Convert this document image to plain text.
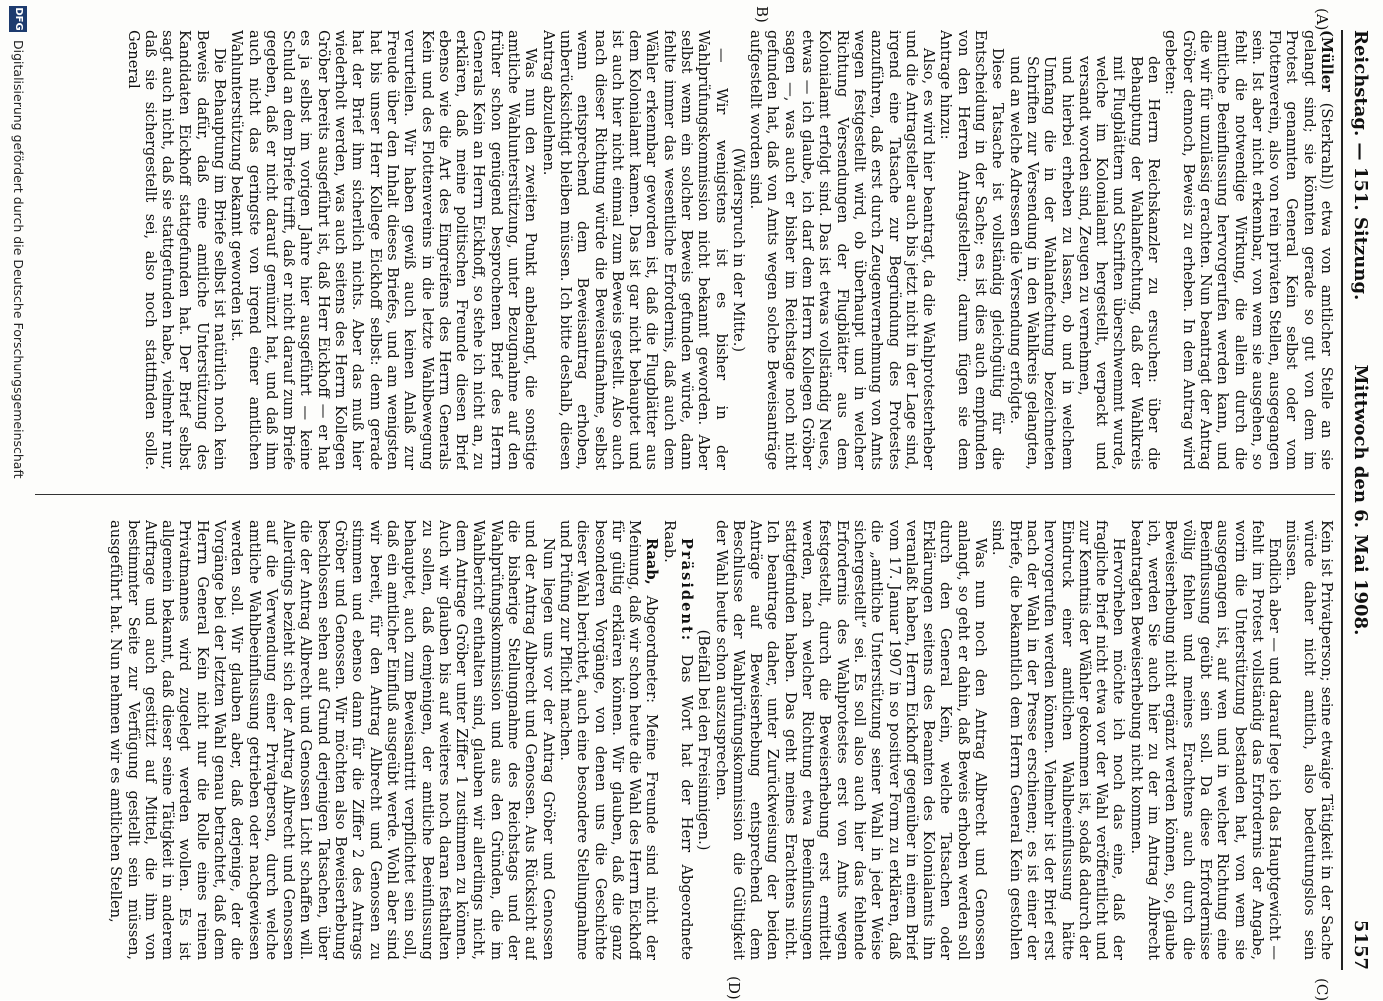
Reichstag. — 151. Sitzung.
Mittwoch den 6. Mai 1908.
5157
(A)
B)
(C)
(D)

(Müller (Sterkrahl)) etwa von amtlicher Stelle an sie gelangt sind; sie könnten gerade so gut von dem im Protest genannten General Kein selbst oder vom Flottenverein, also von rein privaten Stellen, ausgegangen sein. Ist aber nicht erkennbar, von wem sie ausgehen, so fehlt die notwendige Wirkung, die allein durch die amtliche Beeinflussung hervorgerufen werden kann, und die wir für unzulässig erachten. Nun beantragt der Antrag Gröber dennoch, Beweis zu erheben. In dem Antrag wird gebeten:

den Herrn Reichskanzler zu ersuchen: über die Behauptung der Wahlanfechtung, daß der Wahlkreis mit Flugblättern und Schriften überschwemmt wurde, welche im Kolonialamt hergestellt, verpackt und versandt worden sind, Zeugen zu vernehmen,

und hierbei erheben zu lassen, ob und in welchem Umfang die in der Wahlanfechtung bezeichneten Schriften zur Versendung in den Wahlkreis gelangten, und an welche Adressen die Versendung erfolgte.

Diese Tatsache ist vollständig gleichgültig für die Entscheidung in der Sache; es ist dies auch empfunden von den Herren Antragstellern; darum fügen sie dem Antrage hinzu:

Also, es wird hier beantragt, da die Wahlprotesterheber und die Antragsteller auch bis jetzt nicht in der Lage sind, irgend eine Tatsache zur Begründung des Protestes anzuführen, daß erst durch Zeugenvernehmung von Amts wegen festgestellt wird, ob überhaupt und in welcher Richtung Versendungen der Flugblätter aus dem Kolonialamt erfolgt sind. Das ist etwas vollständig Neues, etwas — ich glaube, ich darf dem Herrn Kollegen Gröber sagen —, was auch er bisher im Reichstage noch nicht gefunden hat, daß von Amts wegen solche Beweisanträge aufgestellt worden sind.

(Widerspruch in der Mitte.)

— Wir wenigstens ist es bisher in der Wahlprüfungskommission nicht bekannt geworden. Aber selbst wenn ein solcher Beweis gefunden würde, dann fehlte immer das wesentliche Erfordernis, daß auch dem Wähler erkennbar geworden ist, daß die Flugblätter aus dem Kolonialamt kamen. Das ist gar nicht behauptet und ist auch hier nicht einmal zum Beweis gestellt. Also auch nach dieser Richtung würde die Beweisaufnahme, selbst wenn entsprechend dem Beweisantrag erhoben, unberücksichtigt bleiben müssen. Ich bitte deshalb, diesen Antrag abzulehnen.

Was nun den zweiten Punkt anbelangt, die sonstige amtliche Wahlunterstützung, unter Bezugnahme auf den früher schon genügend besprochenen Brief des Herrn Generals Kein an Herrn Eickhoff, so stehe ich nicht an, zu erklären, daß meine politischen Freunde diesen Brief ebenso wie die Art des Eingreifens des Herrn Generals Kein und des Flottenvereins in die letzte Wahlbewegung verurteilen. Wir haben gewiß auch keinen Anlaß zur Freude über den Inhalt dieses Briefes, und am wenigsten hat bis unser Herr Kollege Eickhoff selbst: denn gerade hat der Brief ihm sicherlich nichts. Aber das muß hier wiederholt werden, was auch seitens des Herrn Kollegen Gröber bereits ausgeführt ist, daß Herr Eickhoff — er hat es ja selbst im vorigen Jahre hier ausgeführt — keine Schuld an dem Briefe trifft, daß er nicht darauf zum Briefe gegeben, daß er nicht darauf gemünzt hat, und daß ihm auch nicht das geringste von irgend einer amtlichen Wahlunterstützung bekannt geworden ist.

Die Behauptung im Briefe selbst ist natürlich noch kein Beweis dafür, daß eine amtliche Unterstützung des Kandidaten Eickhoff stattgefunden hat. Der Brief selbst sagt auch nicht, daß sie stattgefunden habe, vielmehr nur, daß sie sichergestellt sei, also noch stattfinden solle. General

Kein ist Privatperson; seine etwaige Tätigkeit in der Sache würde daher nicht amtlich, also bedeutungslos sein müssen.

Endlich aber — und darauf lege ich das Hauptgewicht — fehlt im Protest vollständig das Erfordernis der Angabe, worin die Unterstützung bestanden hat, von wem sie ausgegangen ist, auf wen und in welcher Richtung eine Beeinflussung geübt sein soll. Da diese Erfordernisse völlig fehlen und meines Erachtens auch durch die Beweiserhebung nicht ergänzt werden können, so, glaube ich, werden Sie auch hier zu der im Antrag Albrecht beantragten Beweiserhebung nicht kommen.

Hervorheben möchte ich noch das eine, daß der fragliche Brief nicht etwa vor der Wahl veröffentlicht und zur Kenntnis der Wähler gekommen ist, sodaß dadurch der Eindruck einer amtlichen Wahlbeeinflussung hätte hervorgerufen werden können. Vielmehr ist der Brief erst nach der Wahl in der Presse erschienen; es ist einer der Briefe, die bekanntlich dem Herrn General Kein gestohlen sind.

Was nun noch den Antrag Albrecht und Genossen anlangt, so geht er dahin, daß Beweis erhoben werden soll durch den General Kein, welche Tatsachen oder Erklärungen seitens des Beamten des Kolonialamts ihn veranlaßt haben, Herrn Eickhoff gegenüber in einem Brief vom 17. Januar 1907 in so positiver Form zu erklären, daß die „amtliche Unterstützung seiner Wahl in jeder Weise sichergestellt“ sei. Es soll also auch hier das fehlende Erfordernis des Wahlprotestes erst von Amts wegen festgestellt, durch die Beweiserhebung erst ermittelt werden, nach welcher Richtung etwa Beeinflussungen stattgefunden haben. Das geht meines Erachtens nicht. Ich beantrage daher, unter Zurückweisung der beiden Anträge auf Beweiserhebung entsprechend dem Beschlusse der Wahlprüfungskommission die Gültigkeit der Wahl heute schon auszusprechen.

(Beifall bei den Freisinnigen.)

Präsident: Das Wort hat der Herr Abgeordnete Raab.

Raab, Abgeordneter: Meine Freunde sind nicht der Meinung, daß wir schon heute die Wahl des Herrn Eickhoff für gültig erklären können. Wir glauben, daß die ganz besonderen Vorgänge, von denen uns die Geschichte dieser Wahl berichtet, auch eine besondere Stellungnahme und Prüfung zur Pflicht machen.

Nun liegen uns vor der Antrag Gröber und Genossen und der Antrag Albrecht und Genossen. Aus Rücksicht auf die bisherige Stellungnahme des Reichstags und der Wahlprüfungskommission und aus den Gründen, die im Wahlbericht enthalten sind, glauben wir allerdings nicht, dem Antrage Gröber unter Ziffer 1 zustimmen zu können. Auch wir glauben bis auf weiteres noch daran festhalten zu sollen, daß demjenigen, der amtliche Beeinflussung behauptet, auch zum Beweisantritt verpflichtet sein soll, daß ein amtlicher Einfluß ausgeübt werde. Wohl aber sind wir bereit, für den Antrag Albrecht und Genossen zu stimmen und ebenso dann für die Ziffer 2 des Antrags Gröber und Genossen. Wir möchten also Beweiserhebung beschlossen sehen auf Grund derjenigen Tatsachen, über die der Antrag Albrecht und Genossen Licht schaffen will. Allerdings bezieht sich der Antrag Albrecht und Genossen auf die Verwendung einer Privatperson, durch welche amtliche Wahlbeeinflussung getrieben oder nachgewiesen werden soll. Wir glauben aber, daß derjenige, der die Vorgänge bei der letzten Wahl genau betrachtet, daß dem Herrn General Kein nicht nur die Rolle eines reinen Privatmannes wird zugelegt werden wollen. Es ist allgemein bekannt, daß dieser seine Tätigkeit in anderem Auftrage und auch gestützt auf Mittel, die ihm von bestimmter Seite zur Verfügung gestellt sein müssen, ausgeführt hat. Nun nehmen wir es amtlichen Stellen,

DFG
Digitalisierung gefördert durch die Deutsche Forschungsgemeinschaft
